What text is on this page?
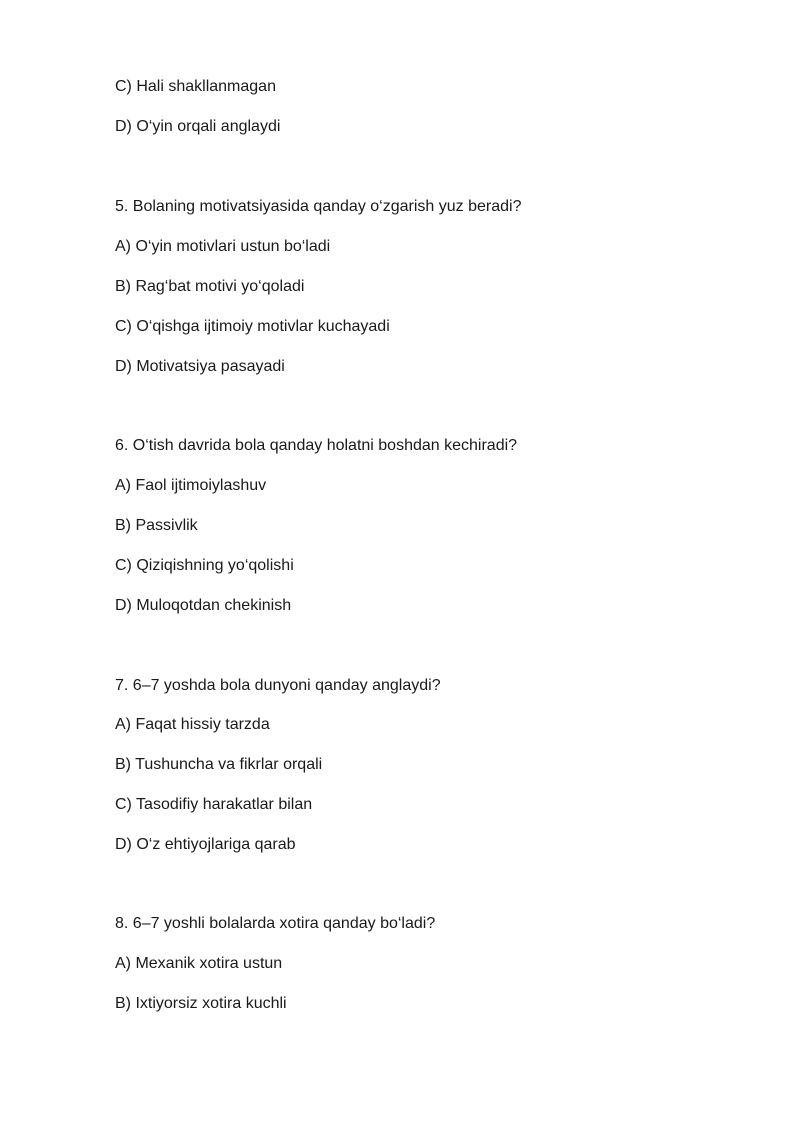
C) Hali shakllanmagan
D) O‘yin orqali anglaydi
5. Bolaning motivatsiyasida qanday o‘zgarish yuz beradi?
A) O‘yin motivlari ustun bo‘ladi
B) Rag‘bat motivi yo‘qoladi
C) O‘qishga ijtimoiy motivlar kuchayadi
D) Motivatsiya pasayadi
6. O‘tish davrida bola qanday holatni boshdan kechiradi?
A) Faol ijtimoiylashuv
B) Passivlik
C) Qiziqishning yo‘qolishi
D) Muloqotdan chekinish
7. 6–7 yoshda bola dunyoni qanday anglaydi?
A) Faqat hissiy tarzda
B) Tushuncha va fikrlar orqali
C) Tasodifiy harakatlar bilan
D) O‘z ehtiyojlariga qarab
8. 6–7 yoshli bolalarda xotira qanday bo‘ladi?
A) Mexanik xotira ustun
B) Ixtiyorsiz xotira kuchli
